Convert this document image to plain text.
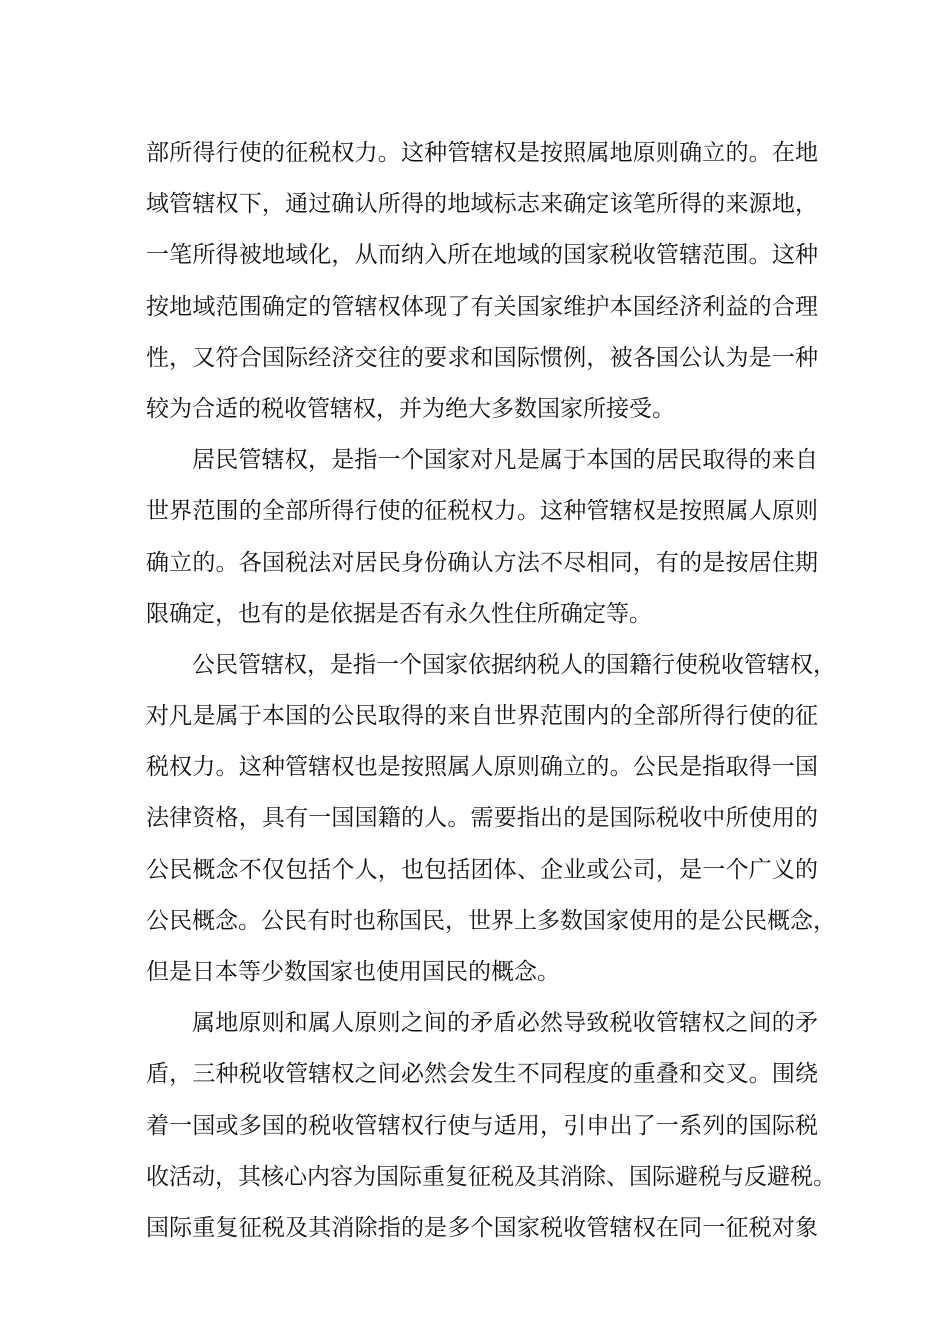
部所得行使的征税权力。这种管辖权是按照属地原则确立的。在地
域管辖权下，通过确认所得的地域标志来确定该笔所得的来源地，
一笔所得被地域化，从而纳入所在地域的国家税收管辖范围。这种
按地域范围确定的管辖权体现了有关国家维护本国经济利益的合理
性，又符合国际经济交往的要求和国际惯例，被各国公认为是一种
较为合适的税收管辖权，并为绝大多数国家所接受。
居民管辖权，是指一个国家对凡是属于本国的居民取得的来自
世界范围的全部所得行使的征税权力。这种管辖权是按照属人原则
确立的。各国税法对居民身份确认方法不尽相同，有的是按居住期
限确定，也有的是依据是否有永久性住所确定等。
公民管辖权，是指一个国家依据纳税人的国籍行使税收管辖权，
对凡是属于本国的公民取得的来自世界范围内的全部所得行使的征
税权力。这种管辖权也是按照属人原则确立的。公民是指取得一国
法律资格，具有一国国籍的人。需要指出的是国际税收中所使用的
公民概念不仅包括个人，也包括团体、企业或公司，是一个广义的
公民概念。公民有时也称国民，世界上多数国家使用的是公民概念，
但是日本等少数国家也使用国民的概念。
属地原则和属人原则之间的矛盾必然导致税收管辖权之间的矛
盾，三种税收管辖权之间必然会发生不同程度的重叠和交叉。围绕
着一国或多国的税收管辖权行使与适用，引申出了一系列的国际税
收活动，其核心内容为国际重复征税及其消除、国际避税与反避税。
国际重复征税及其消除指的是多个国家税收管辖权在同一征税对象
